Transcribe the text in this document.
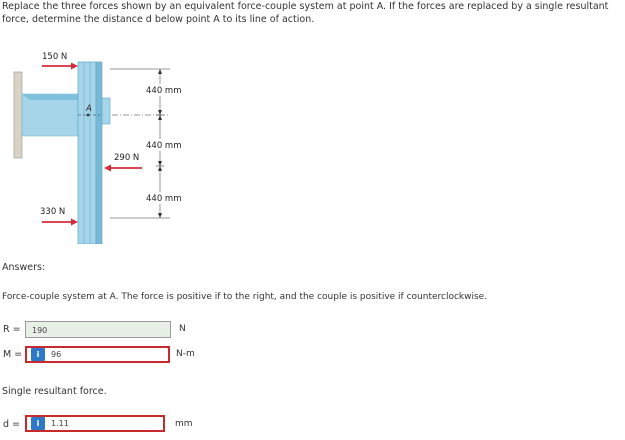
Replace the three forces shown by an equivalent force-couple system at point A. If the forces are replaced by a single resultant force, determine the distance d below point A to its line of action.
150 N
A
440 mm
440 mm
440 mm
290 N
330 N
Answers:
Force-couple system at A. The force is positive if to the right, and the couple is positive if counterclockwise.
R =	190	N
M =	i	96	N-m
Single resultant force.
d =	i	1.11	mm
